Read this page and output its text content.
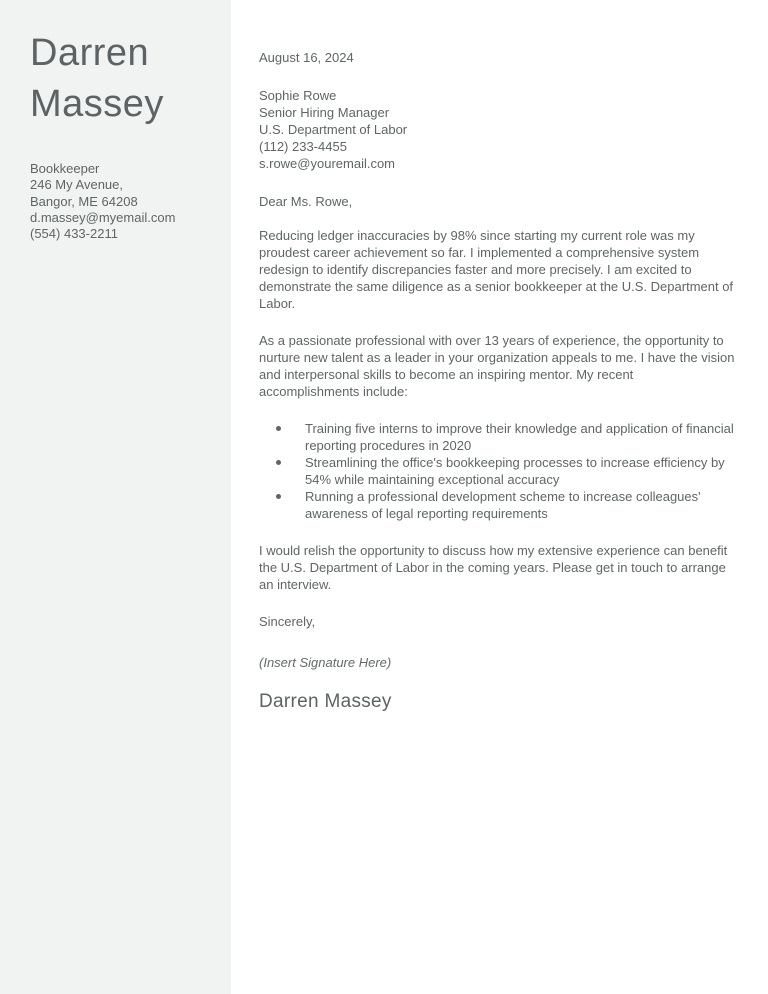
Darren
Massey
Bookkeeper
246 My Avenue,
Bangor, ME 64208
d.massey@myemail.com
(554) 433-2211
August 16, 2024
Sophie Rowe
Senior Hiring Manager
U.S. Department of Labor
(112) 233-4455
s.rowe@youremail.com
Dear Ms. Rowe,

Reducing ledger inaccuracies by 98% since starting my current role was my proudest career achievement so far. I implemented a comprehensive system redesign to identify discrepancies faster and more precisely. I am excited to demonstrate the same diligence as a senior bookkeeper at the U.S. Department of Labor.

As a passionate professional with over 13 years of experience, the opportunity to nurture new talent as a leader in your organization appeals to me. I have the vision and interpersonal skills to become an inspiring mentor. My recent accomplishments include:

Training five interns to improve their knowledge and application of financial reporting procedures in 2020
Streamlining the office's bookkeeping processes to increase efficiency by 54% while maintaining exceptional accuracy
Running a professional development scheme to increase colleagues' awareness of legal reporting requirements

I would relish the opportunity to discuss how my extensive experience can benefit the U.S. Department of Labor in the coming years. Please get in touch to arrange an interview.

Sincerely,
(Insert Signature Here)
Darren Massey
